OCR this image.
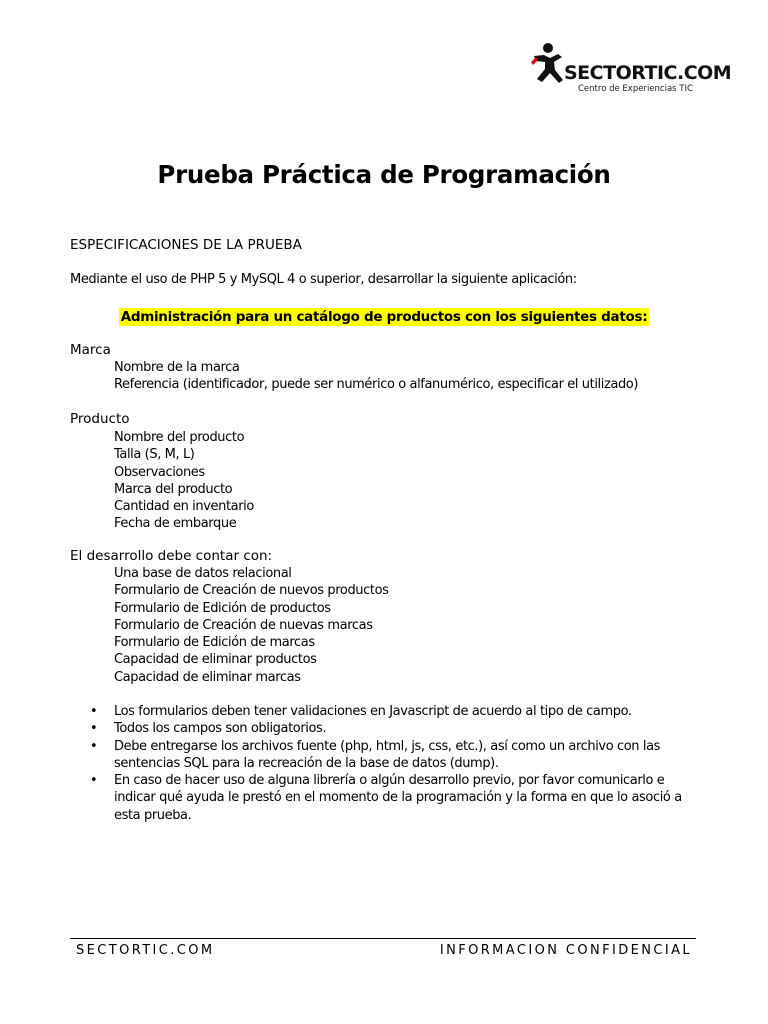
SECTORTIC.COM
Centro de Experiencias TIC
Prueba Práctica de Programación
ESPECIFICACIONES DE LA PRUEBA
Mediante el uso de PHP 5 y MySQL 4 o superior, desarrollar la siguiente aplicación:
Administración para un catálogo de productos con los siguientes datos:
Marca
Nombre de la marca
Referencia (identificador, puede ser numérico o alfanumérico, especificar el utilizado)
Producto
Nombre del producto
Talla (S, M, L)
Observaciones
Marca del producto
Cantidad en inventario
Fecha de embarque
El desarrollo debe contar con:
Una base de datos relacional
Formulario de Creación de nuevos productos
Formulario de Edición de productos
Formulario de Creación de nuevas marcas
Formulario de Edición de marcas
Capacidad de eliminar productos
Capacidad de eliminar marcas
• Los formularios deben tener validaciones en Javascript de acuerdo al tipo de campo.
• Todos los campos son obligatorios.
• Debe entregarse los archivos fuente (php, html, js, css, etc.), así como un archivo con las sentencias SQL para la recreación de la base de datos (dump).
• En caso de hacer uso de alguna librería o algún desarrollo previo, por favor comunicarlo e indicar qué ayuda le prestó en el momento de la programación y la forma en que lo asoció a esta prueba.
SECTORTIC.COM	INFORMACION CONFIDENCIAL
